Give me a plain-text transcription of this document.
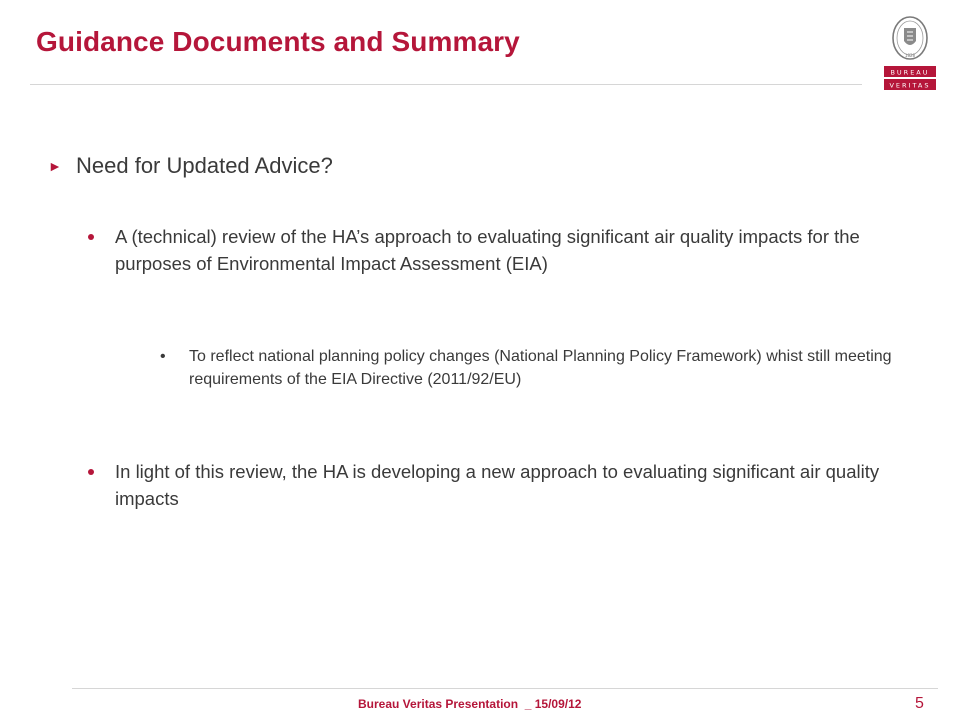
Guidance Documents and Summary	1828
BUREAU
VERITAS
► Need for Updated Advice?
A (technical) review of the HA’s approach to evaluating significant air quality impacts for the purposes of Environmental Impact Assessment (EIA)
• To reflect national planning policy changes (National Planning Policy Framework) whist still meeting requirements of the EIA Directive (2011/92/EU)
In light of this review, the HA is developing a new approach to evaluating significant air quality impacts
Bureau Veritas Presentation  _ 15/09/12	5
